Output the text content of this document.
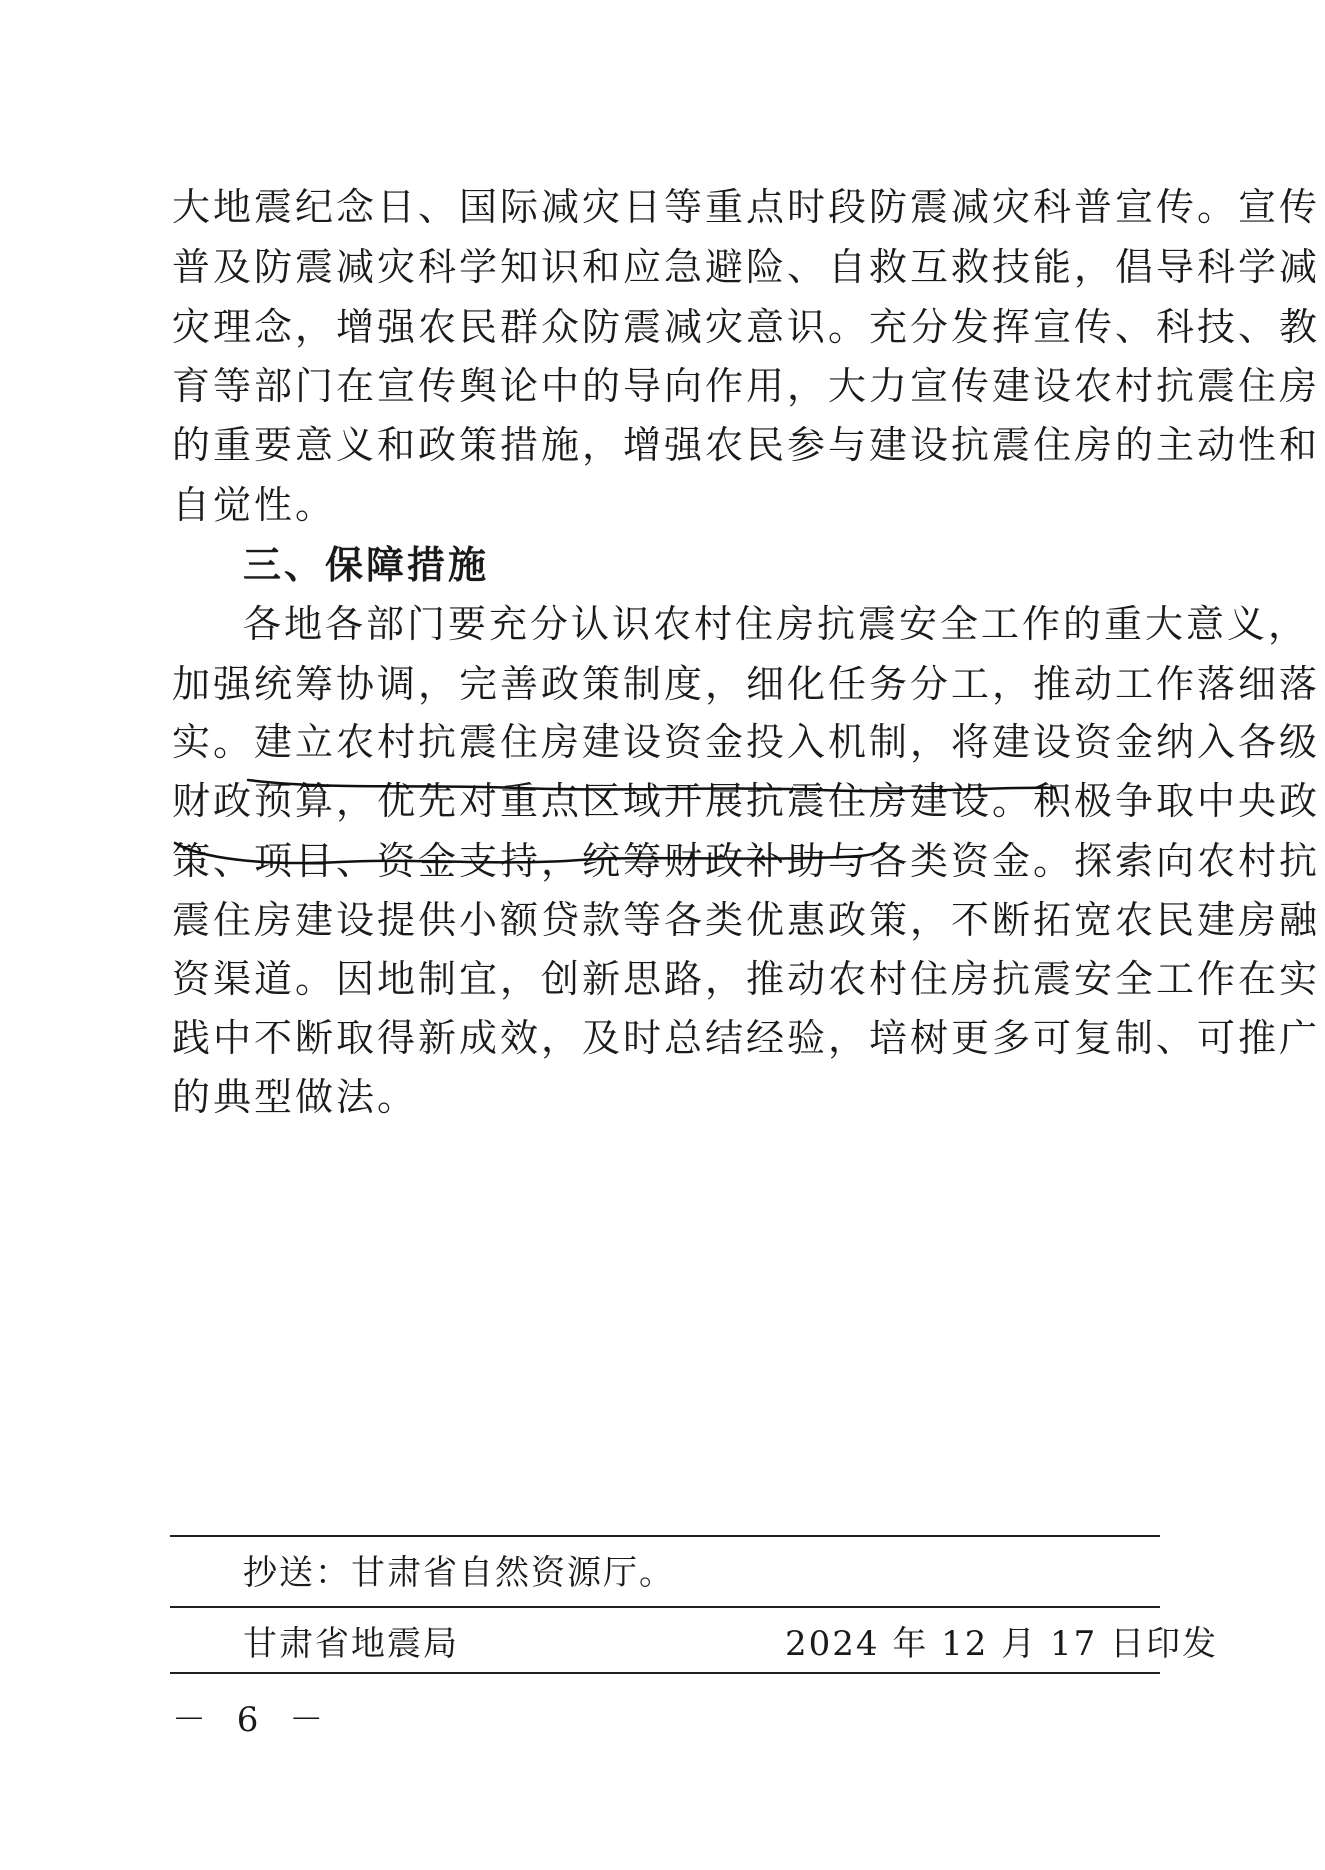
大地震纪念日、国际减灾日等重点时段防震减灾科普宣传。宣传
普及防震减灾科学知识和应急避险、自救互救技能，倡导科学减
灾理念，增强农民群众防震减灾意识。充分发挥宣传、科技、教
育等部门在宣传舆论中的导向作用，大力宣传建设农村抗震住房
的重要意义和政策措施，增强农民参与建设抗震住房的主动性和
自觉性。
三、保障措施
各地各部门要充分认识农村住房抗震安全工作的重大意义，
加强统筹协调，完善政策制度，细化任务分工，推动工作落细落
实。建立农村抗震住房建设资金投入机制，将建设资金纳入各级
财政预算，优先对重点区域开展抗震住房建设。积极争取中央政
策、项目、资金支持，统筹财政补助与各类资金。探索向农村抗
震住房建设提供小额贷款等各类优惠政策，不断拓宽农民建房融
资渠道。因地制宜，创新思路，推动农村住房抗震安全工作在实
践中不断取得新成效，及时总结经验，培树更多可复制、可推广
的典型做法。
抄送：甘肃省自然资源厅。
甘肃省地震局	2024 年 12 月 17 日印发
－ 6 －
